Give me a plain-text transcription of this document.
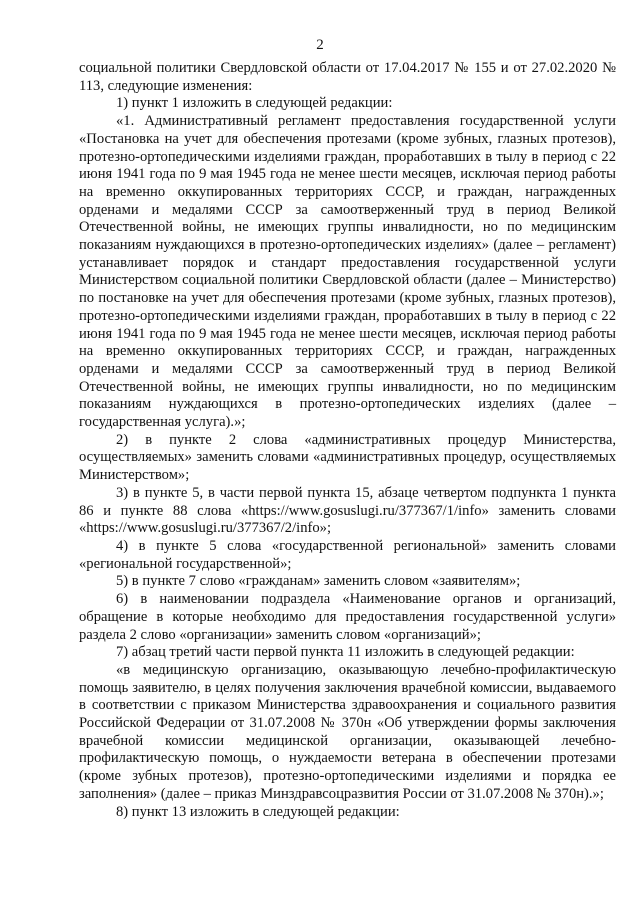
2

социальной политики Свердловской области от 17.04.2017 № 155 и от 27.02.2020 № 113, следующие изменения:

1) пункт 1 изложить в следующей редакции:

«1. Административный регламент предоставления государственной услуги «Постановка на учет для обеспечения протезами (кроме зубных, глазных протезов), протезно-ортопедическими изделиями граждан, проработавших в тылу в период с 22 июня 1941 года по 9 мая 1945 года не менее шести месяцев, исключая период работы на временно оккупированных территориях СССР, и граждан, награжденных орденами и медалями СССР за самоотверженный труд в период Великой Отечественной войны, не имеющих группы инвалидности, но по медицинским показаниям нуждающихся в протезно-ортопедических изделиях» (далее – регламент) устанавливает порядок и стандарт предоставления государственной услуги Министерством социальной политики Свердловской области (далее – Министерство) по постановке на учет для обеспечения протезами (кроме зубных, глазных протезов), протезно-ортопедическими изделиями граждан, проработавших в тылу в период с 22 июня 1941 года по 9 мая 1945 года не менее шести месяцев, исключая период работы на временно оккупированных территориях СССР, и граждан, награжденных орденами и медалями СССР за самоотверженный труд в период Великой Отечественной войны, не имеющих группы инвалидности, но по медицинским показаниям нуждающихся в протезно-ортопедических изделиях (далее – государственная услуга).»;

2) в пункте 2 слова «административных процедур Министерства, осуществляемых» заменить словами «административных процедур, осуществляемых Министерством»;

3) в пункте 5, в части первой пункта 15, абзаце четвертом подпункта 1 пункта 86 и пункте 88 слова «https://www.gosuslugi.ru/377367/1/info» заменить словами «https://www.gosuslugi.ru/377367/2/info»;

4) в пункте 5 слова «государственной региональной» заменить словами «региональной государственной»;

5) в пункте 7 слово «гражданам» заменить словом «заявителям»;

6) в наименовании подраздела «Наименование органов и организаций, обращение в которые необходимо для предоставления государственной услуги» раздела 2 слово «организации» заменить словом «организаций»;

7) абзац третий части первой пункта 11 изложить в следующей редакции:

«в медицинскую организацию, оказывающую лечебно-профилактическую помощь заявителю, в целях получения заключения врачебной комиссии, выдаваемого в соответствии с приказом Министерства здравоохранения и социального развития Российской Федерации от 31.07.2008 № 370н «Об утверждении формы заключения врачебной комиссии медицинской организации, оказывающей лечебно-профилактическую помощь, о нуждаемости ветерана в обеспечении протезами (кроме зубных протезов), протезно-ортопедическими изделиями и порядка ее заполнения» (далее – приказ Минздравсоцразвития России от 31.07.2008 № 370н).»;

8) пункт 13 изложить в следующей редакции:
